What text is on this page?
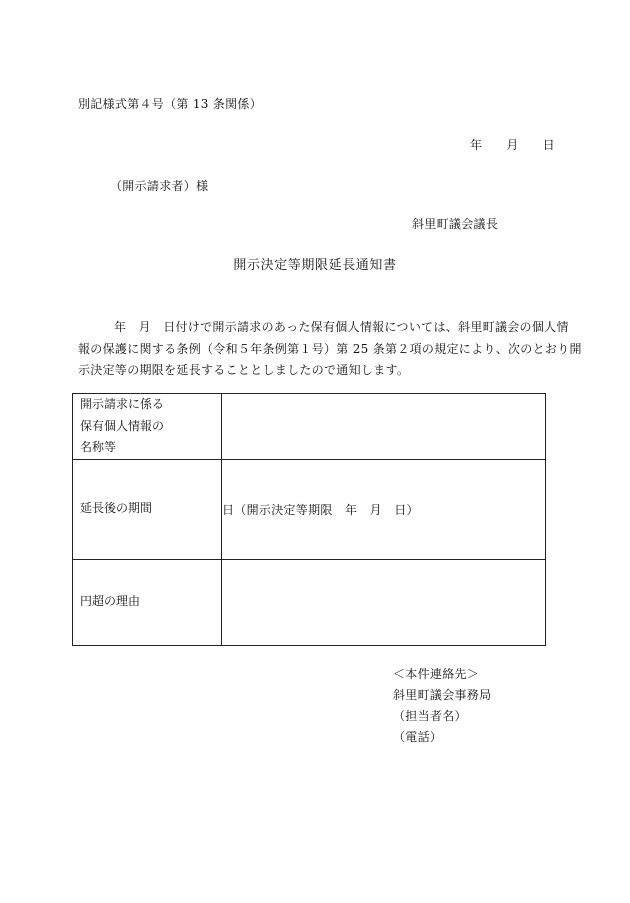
別記様式第４号（第 13 条関係）
年 月 日
（開示請求者）様
斜里町議会議長
開示決定等期限延長通知書
年　月　日付けで開示請求のあった保有個人情報については、斜里町議会の個人情
報の保護に関する条例（令和５年条例第１号）第 25 条第２項の規定により、次のとおり開
示決定等の期限を延長することとしましたので通知します。
開示請求に係る
保有個人情報の
名称等	

延長後の期間	日（開示決定等期限　年　月　日）
円超の理由	
＜本件連絡先＞
斜里町議会事務局
（担当者名）
（電話）
